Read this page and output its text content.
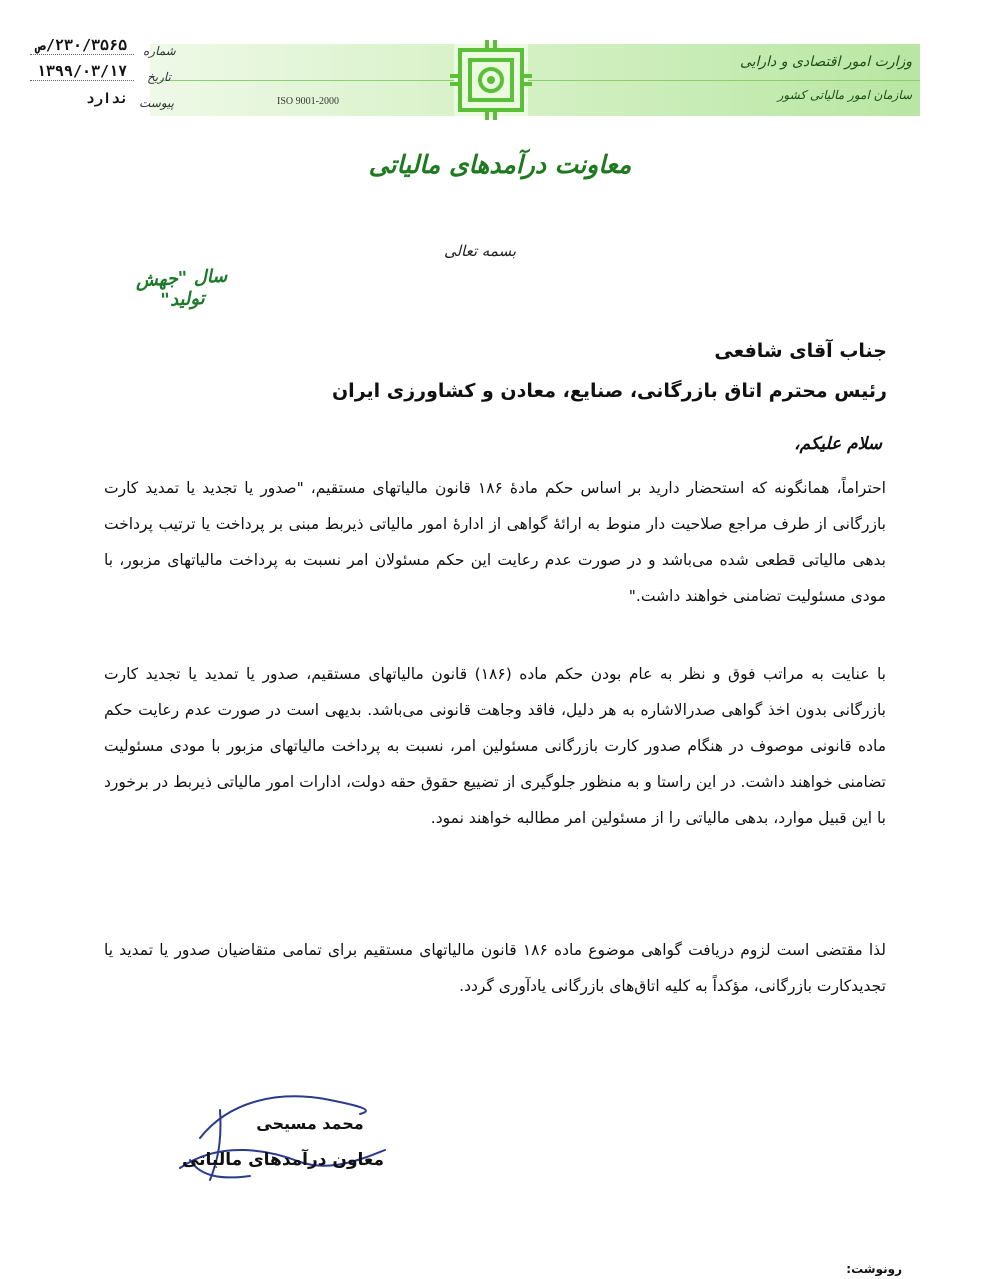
وزارت امور اقتصادی و دارایی
سازمان امور مالیاتی کشور
ISO 9001-2000
شماره
تاریخ
پیوست
۲۳۰/۳۵۶۵/ص
۱۳۹۹/۰۳/۱۷
ندارد
معاونت درآمدهای مالیاتی
بسمه تعالی
سال "جهش تولید"
جناب آقای شافعی
رئیس محترم اتاق بازرگانی، صنایع، معادن و کشاورزی ایران
سلام علیکم،
احتراماً، همانگونه که استحضار دارید بر اساس حکم مادهٔ ۱۸۶ قانون مالیاتهای مستقیم، "صدور یا تجدید یا تمدید کارت بازرگانی از طرف مراجع صلاحیت دار منوط به ارائهٔ گواهی از ادارهٔ امور مالیاتی ذیربط مبنی بر پرداخت یا ترتیب پرداخت بدهی مالیاتی قطعی شده می‌باشد و در صورت عدم رعایت این حکم مسئولان امر نسبت به پرداخت مالیاتهای مزبور، با مودی مسئولیت تضامنی خواهند داشت."
با عنایت به مراتب فوق و نظر به عام بودن حکم ماده (۱۸۶) قانون مالیاتهای مستقیم، صدور یا تمدید یا تجدید کارت بازرگانی بدون اخذ گواهی صدرالاشاره به هر دلیل، فاقد وجاهت قانونی می‌باشد. بدیهی است در صورت عدم رعایت حکم ماده قانونی موصوف در هنگام صدور کارت بازرگانی مسئولین امر، نسبت به پرداخت مالیاتهای مزبور با مودی مسئولیت تضامنی خواهند داشت. در این راستا و به منظور جلوگیری از تضییع حقوق حقه دولت، ادارات امور مالیاتی ذیربط در برخورد با این قبیل موارد، بدهی مالیاتی را از مسئولین امر مطالبه خواهند نمود.
لذا مقتضی است لزوم دریافت گواهی موضوع ماده ۱۸۶ قانون مالیاتهای مستقیم برای تمامی متقاضیان صدور یا تمدید یا تجدیدکارت بازرگانی، مؤکداً به کلیه اتاق‌های بازرگانی یادآوری گردد.
محمد مسیحی
معاون درآمدهای مالیاتی
رونوشت:
